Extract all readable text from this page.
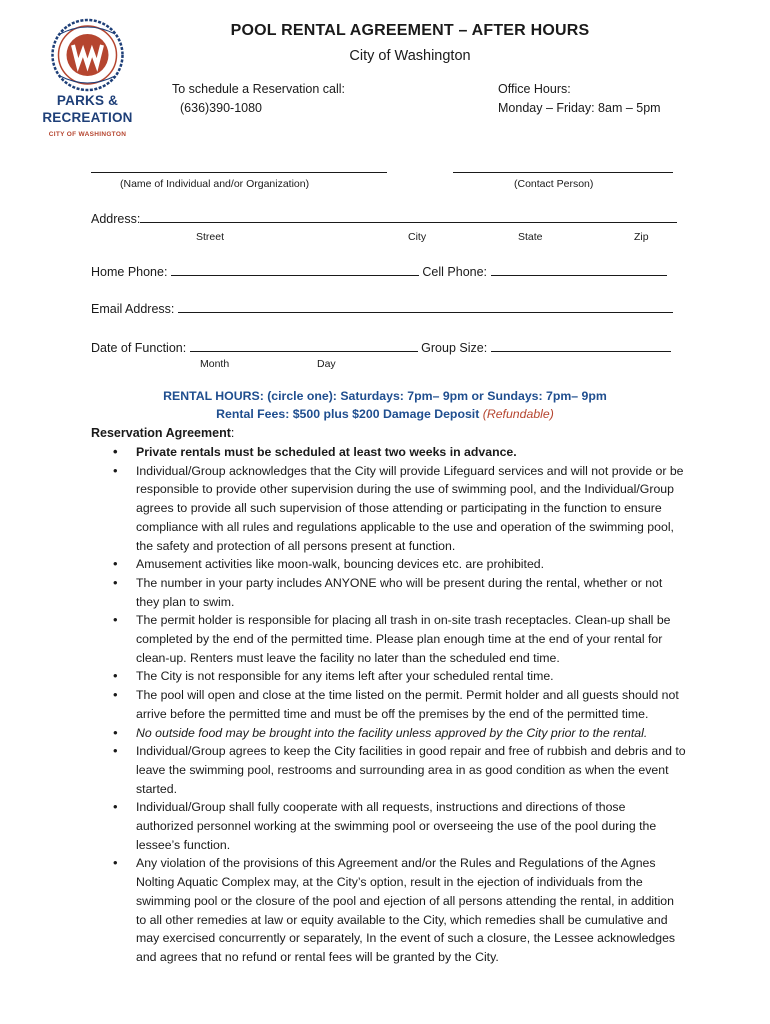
PARKS &
RECREATION
CITY OF WASHINGTON
POOL RENTAL AGREEMENT – AFTER HOURS
City of Washington
To schedule a Reservation call:
(636)390-1080
Office Hours:
Monday – Friday: 8am – 5pm
(Name of Individual and/or Organization)	(Contact Person)
Address:
Street	City	State	Zip
Home Phone:	Cell Phone:
Email Address:
Date of Function:	Group Size:
Month	Day
RENTAL HOURS: (circle one): Saturdays: 7pm– 9pm or Sundays: 7pm– 9pm
Rental Fees: $500 plus $200 Damage Deposit (Refundable)
Reservation Agreement:
• Private rentals must be scheduled at least two weeks in advance.
• Individual/Group acknowledges that the City will provide Lifeguard services and will not provide or be responsible to provide other supervision during the use of swimming pool, and the Individual/Group agrees to provide all such supervision of those attending or participating in the function to ensure compliance with all rules and regulations applicable to the use and operation of the swimming pool, the safety and protection of all persons present at function.
• Amusement activities like moon-walk, bouncing devices etc. are prohibited.
• The number in your party includes ANYONE who will be present during the rental, whether or not they plan to swim.
• The permit holder is responsible for placing all trash in on-site trash receptacles. Clean-up shall be completed by the end of the permitted time. Please plan enough time at the end of your rental for clean-up. Renters must leave the facility no later than the scheduled end time.
• The City is not responsible for any items left after your scheduled rental time.
• The pool will open and close at the time listed on the permit. Permit holder and all guests should not arrive before the permitted time and must be off the premises by the end of the permitted time.
• No outside food may be brought into the facility unless approved by the City prior to the rental.
• Individual/Group agrees to keep the City facilities in good repair and free of rubbish and debris and to leave the swimming pool, restrooms and surrounding area in as good condition as when the event started.
• Individual/Group shall fully cooperate with all requests, instructions and directions of those authorized personnel working at the swimming pool or overseeing the use of the pool during the lessee’s function.
• Any violation of the provisions of this Agreement and/or the Rules and Regulations of the Agnes Nolting Aquatic Complex may, at the City’s option, result in the ejection of individuals from the swimming pool or the closure of the pool and ejection of all persons attending the rental, in addition to all other remedies at law or equity available to the City, which remedies shall be cumulative and may exercised concurrently or separately, In the event of such a closure, the Lessee acknowledges and agrees that no refund or rental fees will be granted by the City.
